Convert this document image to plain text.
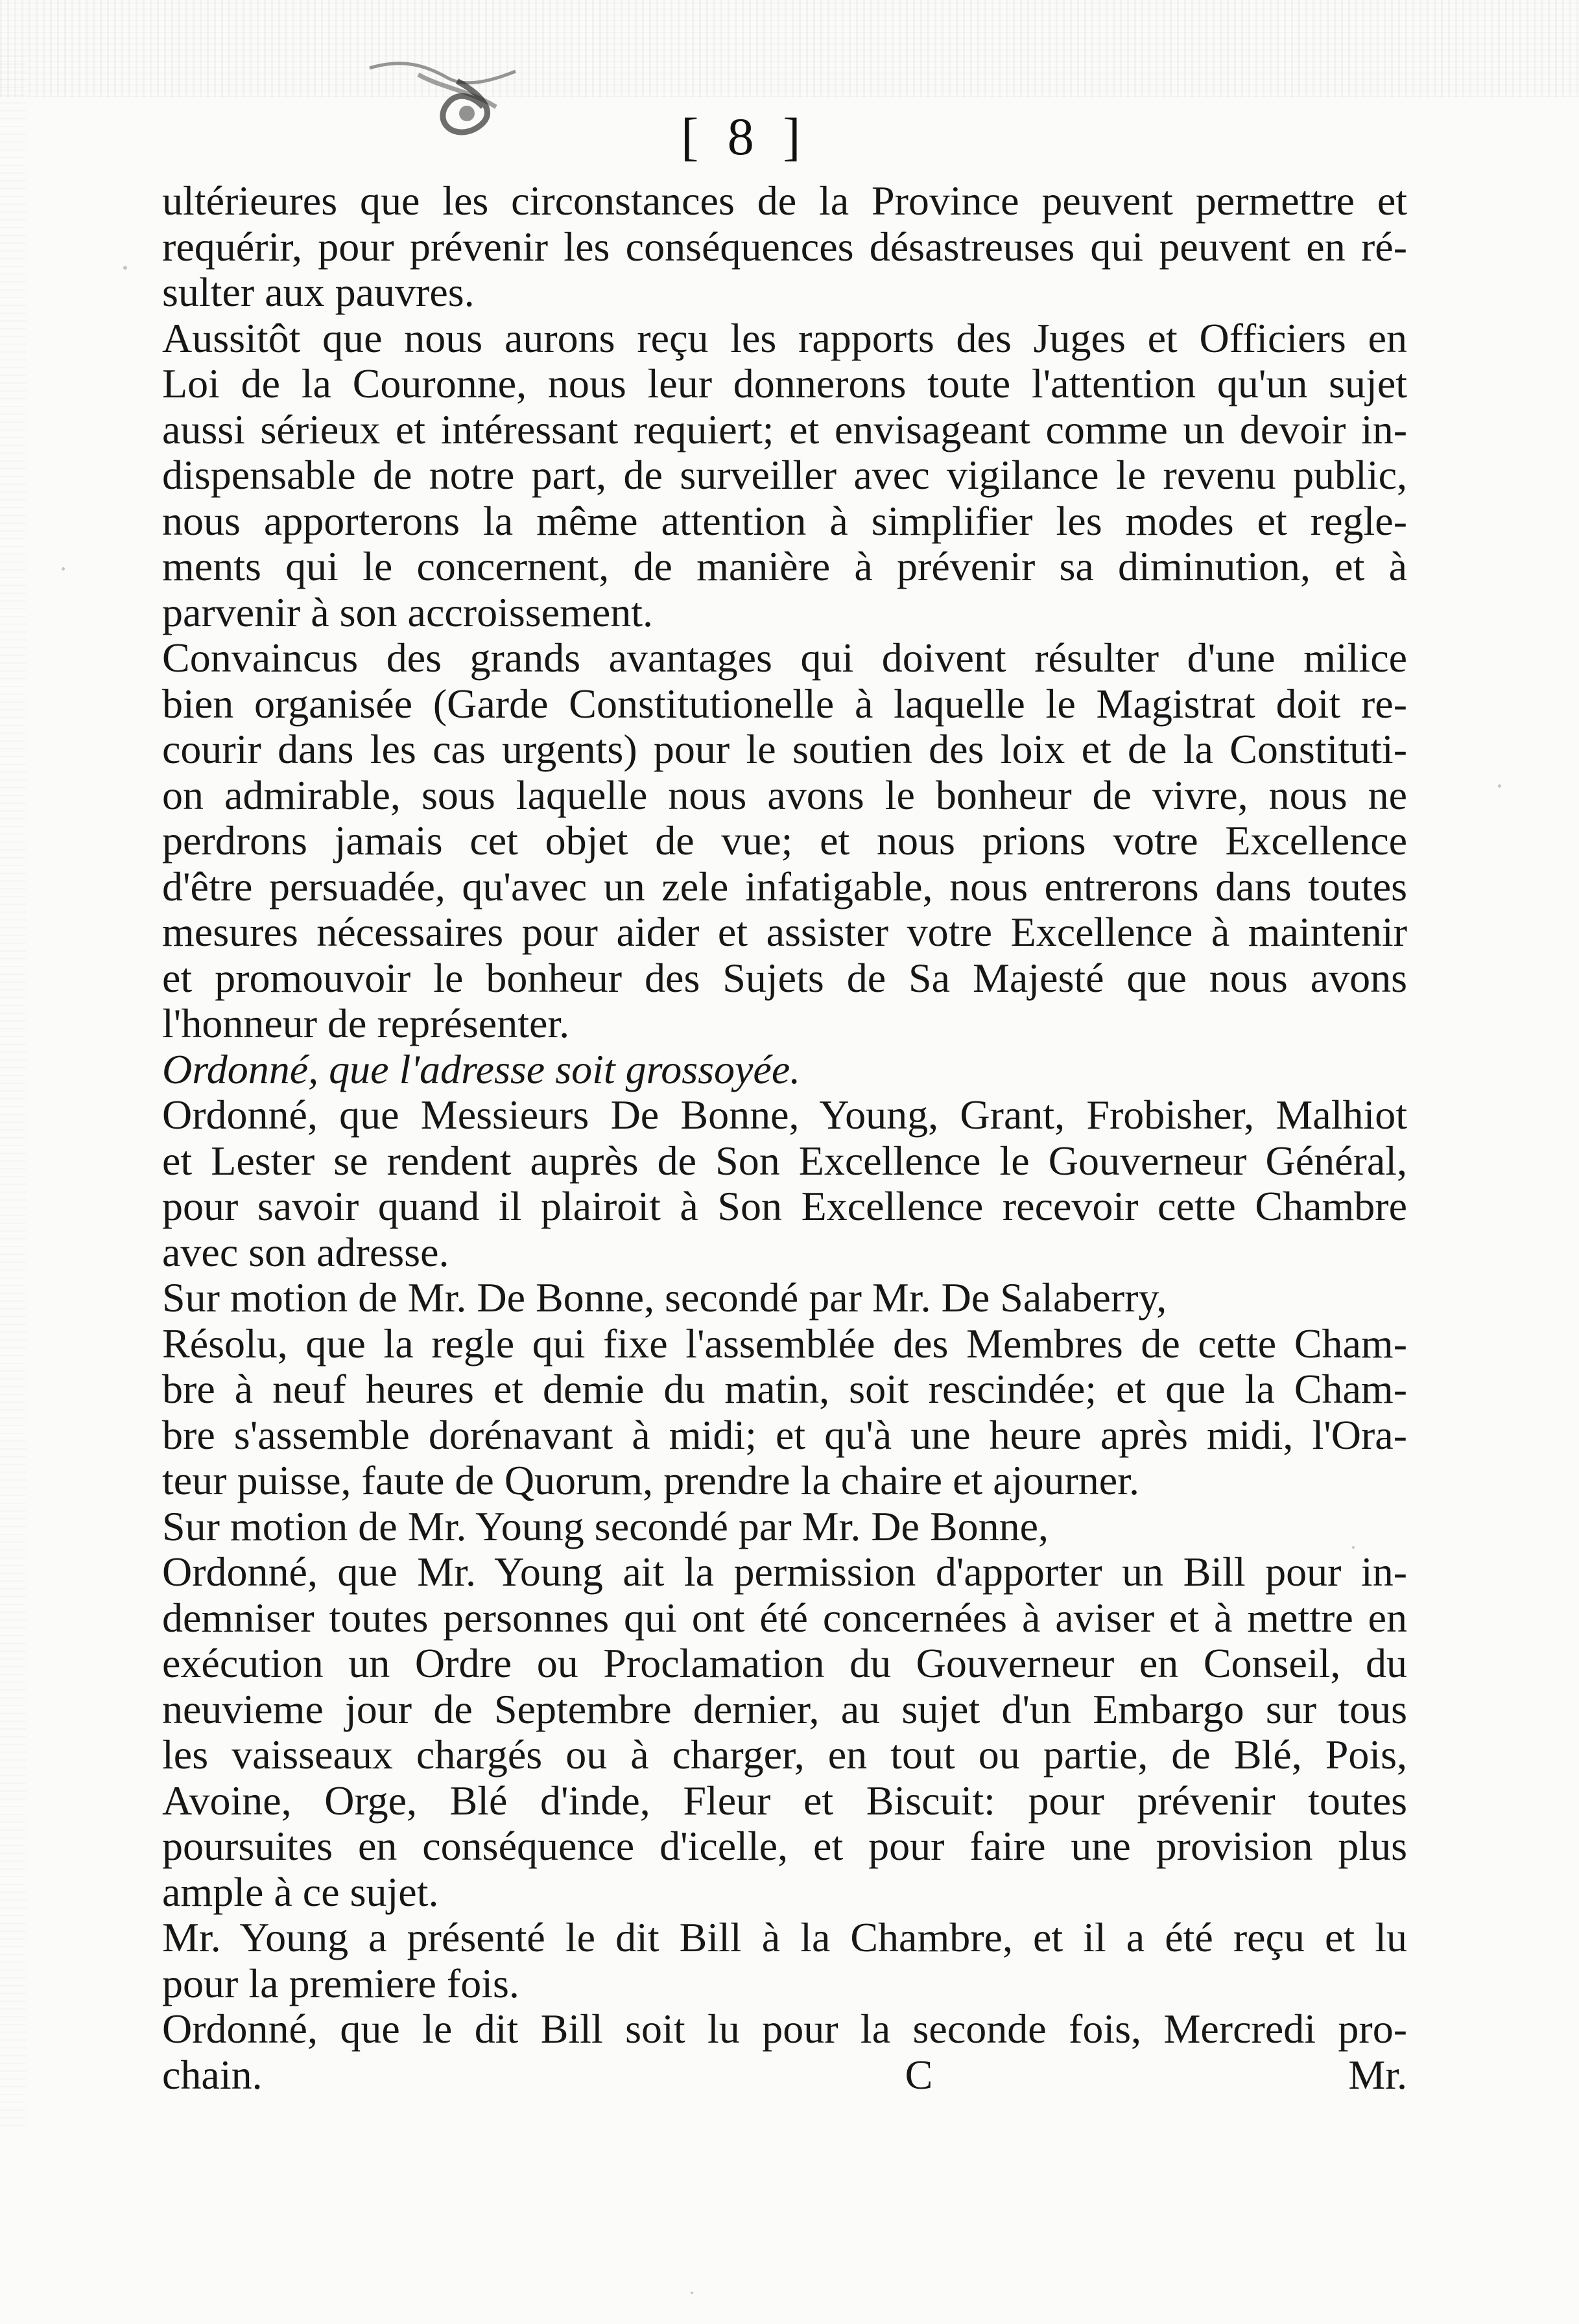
[ 8 ]
ultérieures que les circonstances de la Province peuvent permettre et
requérir, pour prévenir les conséquences désastreuses qui peuvent en ré-
sulter aux pauvres.
Aussitôt que nous aurons reçu les rapports des Juges et Officiers en
Loi de la Couronne, nous leur donnerons toute l'attention qu'un sujet
aussi sérieux et intéressant requiert; et envisageant comme un devoir in-
dispensable de notre part, de surveiller avec vigilance le revenu public,
nous apporterons la même attention à simplifier les modes et regle-
ments qui le concernent, de manière à prévenir sa diminution, et à
parvenir à son accroissement.
Convaincus des grands avantages qui doivent résulter d'une milice
bien organisée (Garde Constitutionelle à laquelle le Magistrat doit re-
courir dans les cas urgents) pour le soutien des loix et de la Constituti-
on admirable, sous laquelle nous avons le bonheur de vivre, nous ne
perdrons jamais cet objet de vue; et nous prions votre Excellence
d'être persuadée, qu'avec un zele infatigable, nous entrerons dans toutes
mesures nécessaires pour aider et assister votre Excellence à maintenir
et promouvoir le bonheur des Sujets de Sa Majesté que nous avons
l'honneur de représenter.
Ordonné, que l'adresse soit grossoyée.
Ordonné, que Messieurs De Bonne, Young, Grant, Frobisher, Malhiot
et Lester se rendent auprès de Son Excellence le Gouverneur Général,
pour savoir quand il plairoit à Son Excellence recevoir cette Chambre
avec son adresse.
Sur motion de Mr. De Bonne, secondé par Mr. De Salaberry,
Résolu, que la regle qui fixe l'assemblée des Membres de cette Cham-
bre à neuf heures et demie du matin, soit rescindée; et que la Cham-
bre s'assemble dorénavant à midi; et qu'à une heure après midi, l'Ora-
teur puisse, faute de Quorum, prendre la chaire et ajourner.
Sur motion de Mr. Young secondé par Mr. De Bonne,
Ordonné, que Mr. Young ait la permission d'apporter un Bill pour in-
demniser toutes personnes qui ont été concernées à aviser et à mettre en
exécution un Ordre ou Proclamation du Gouverneur en Conseil, du
neuvieme jour de Septembre dernier, au sujet d'un Embargo sur tous
les vaisseaux chargés ou à charger, en tout ou partie, de Blé, Pois,
Avoine, Orge, Blé d'inde, Fleur et Biscuit: pour prévenir toutes
poursuites en conséquence d'icelle, et pour faire une provision plus
ample à ce sujet.
Mr. Young a présenté le dit Bill à la Chambre, et il a été reçu et lu
pour la premiere fois.
Ordonné, que le dit Bill soit lu pour la seconde fois, Mercredi pro-
chain.	C	Mr.
